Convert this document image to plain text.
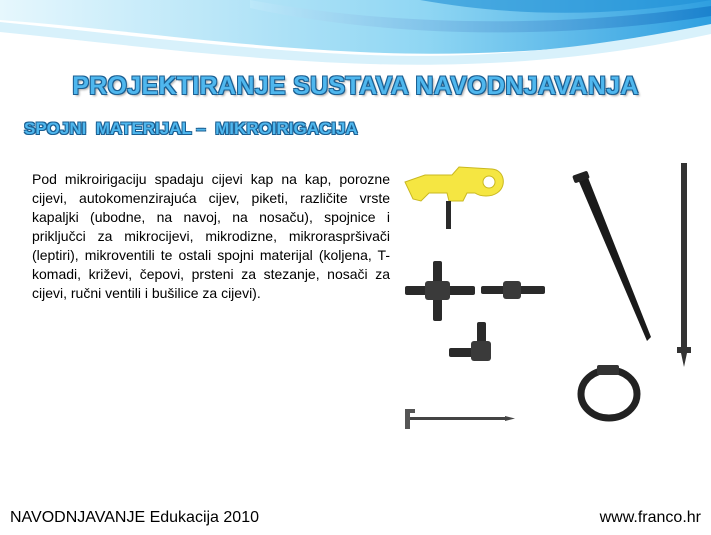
PROJEKTIRANJE SUSTAVA NAVODNJAVANJA
SPOJNI  MATERIJAL –  MIKROIRIGACIJA
Pod mikroirigaciju spadaju cijevi kap na kap, porozne cijevi, autokomenzirajuća cijev, piketi, različite vrste kapaljki (ubodne, na navoj, na nosaču), spojnice i priključci za mikrocijevi, mikrodizne, mikroraspršivači (leptiri), mikroventili te ostali spojni materijal (koljena, T-komadi, križevi, čepovi, prsteni za stezanje, nosači za cijevi, ručni ventili i bušilice za cijevi).
NAVODNJAVANJE Edukacija 2010	www.franco.hr
